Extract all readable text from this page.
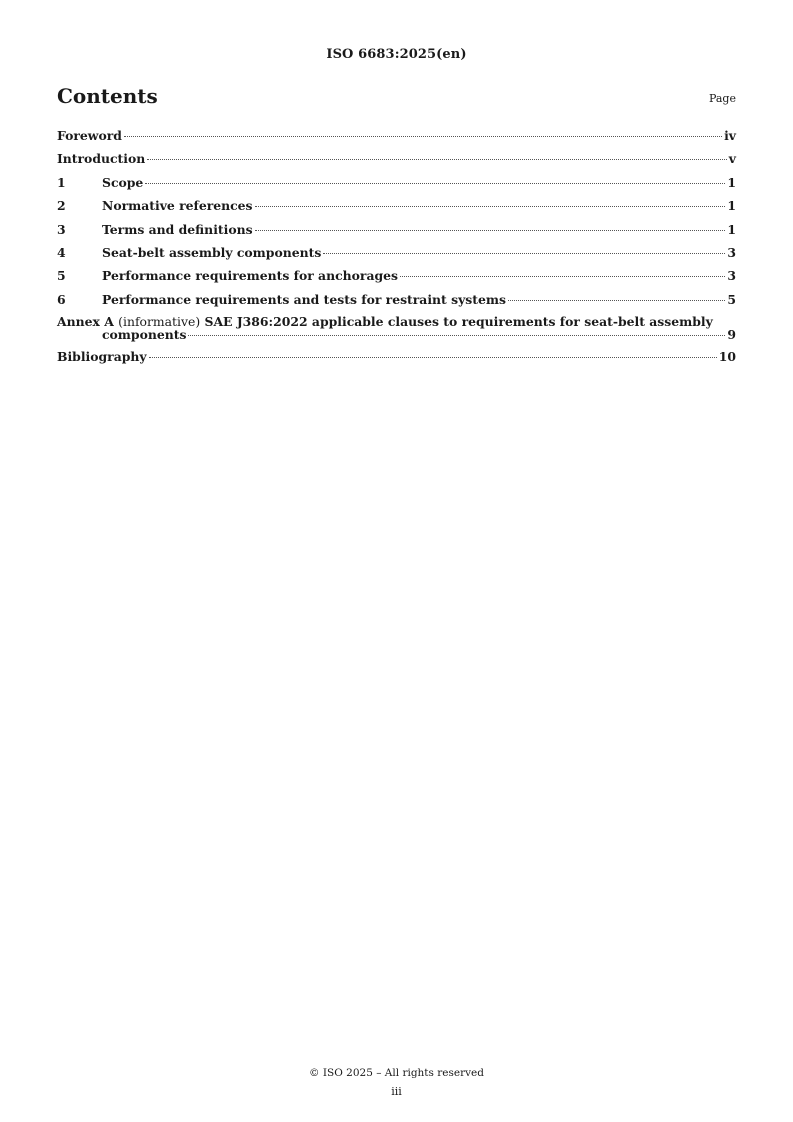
ISO 6683:2025(en)
Contents	Page
Foreword	iv
Introduction	v
1	Scope	1
2	Normative references	1
3	Terms and definitions	1
4	Seat-belt assembly components	3
5	Performance requirements for anchorages	3
6	Performance requirements and tests for restraint systems	5
Annex A (informative) SAE J386:2022 applicable clauses to requirements for seat-belt assembly
components	9
Bibliography	10
© ISO 2025 – All rights reserved
iii
